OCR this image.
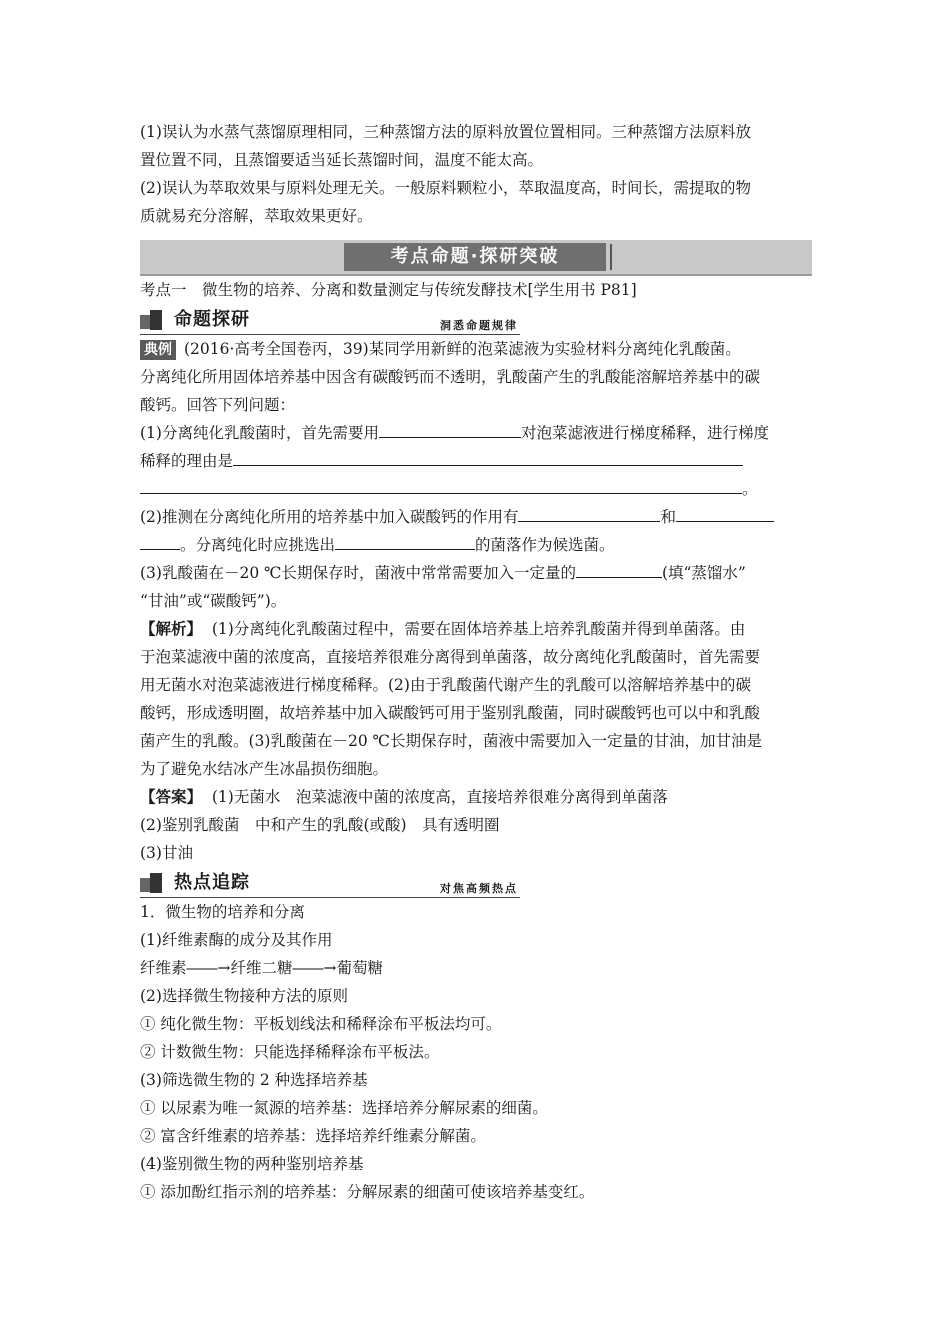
(1)误认为水蒸气蒸馏原理相同，三种蒸馏方法的原料放置位置相同。三种蒸馏方法原料放

置位置不同，且蒸馏要适当延长蒸馏时间，温度不能太高。

(2)误认为萃取效果与原料处理无关。一般原料颗粒小，萃取温度高，时间长，需提取的物

质就易充分溶解，萃取效果更好。

考点命题·探研突破

考点一　微生物的培养、分离和数量测定与传统发酵技术[学生用书 P81]

命题探研	洞悉命题规律

典例 (2016·高考全国卷丙，39)某同学用新鲜的泡菜滤液为实验材料分离纯化乳酸菌。

分离纯化所用固体培养基中因含有碳酸钙而不透明，乳酸菌产生的乳酸能溶解培养基中的碳

酸钙。回答下列问题：

(1)分离纯化乳酸菌时，首先需要用	对泡菜滤液进行梯度稀释，进行梯度

稀释的理由是

。

(2)推测在分离纯化所用的培养基中加入碳酸钙的作用有	和

。分离纯化时应挑选出	的菌落作为候选菌。

(3)乳酸菌在－20 ℃长期保存时，菌液中常常需要加入一定量的	(填“蒸馏水”

“甘油”或“碳酸钙”)。

【解析】 (1)分离纯化乳酸菌过程中，需要在固体培养基上培养乳酸菌并得到单菌落。由

于泡菜滤液中菌的浓度高，直接培养很难分离得到单菌落，故分离纯化乳酸菌时，首先需要

用无菌水对泡菜滤液进行梯度稀释。(2)由于乳酸菌代谢产生的乳酸可以溶解培养基中的碳

酸钙，形成透明圈，故培养基中加入碳酸钙可用于鉴别乳酸菌，同时碳酸钙也可以中和乳酸

菌产生的乳酸。(3)乳酸菌在－20 ℃长期保存时，菌液中需要加入一定量的甘油，加甘油是

为了避免水结冰产生冰晶损伤细胞。

【答案】 (1)无菌水　泡菜滤液中菌的浓度高，直接培养很难分离得到单菌落

(2)鉴别乳酸菌　中和产生的乳酸(或酸)　具有透明圈

(3)甘油

热点追踪	对焦高频热点

1．微生物的培养和分离

(1)纤维素酶的成分及其作用

纤维素――→纤维二糖――→葡萄糖

(2)选择微生物接种方法的原则

① 纯化微生物：平板划线法和稀释涂布平板法均可。

② 计数微生物：只能选择稀释涂布平板法。

(3)筛选微生物的 2 种选择培养基

① 以尿素为唯一氮源的培养基：选择培养分解尿素的细菌。

② 富含纤维素的培养基：选择培养纤维素分解菌。

(4)鉴别微生物的两种鉴别培养基

① 添加酚红指示剂的培养基：分解尿素的细菌可使该培养基变红。
